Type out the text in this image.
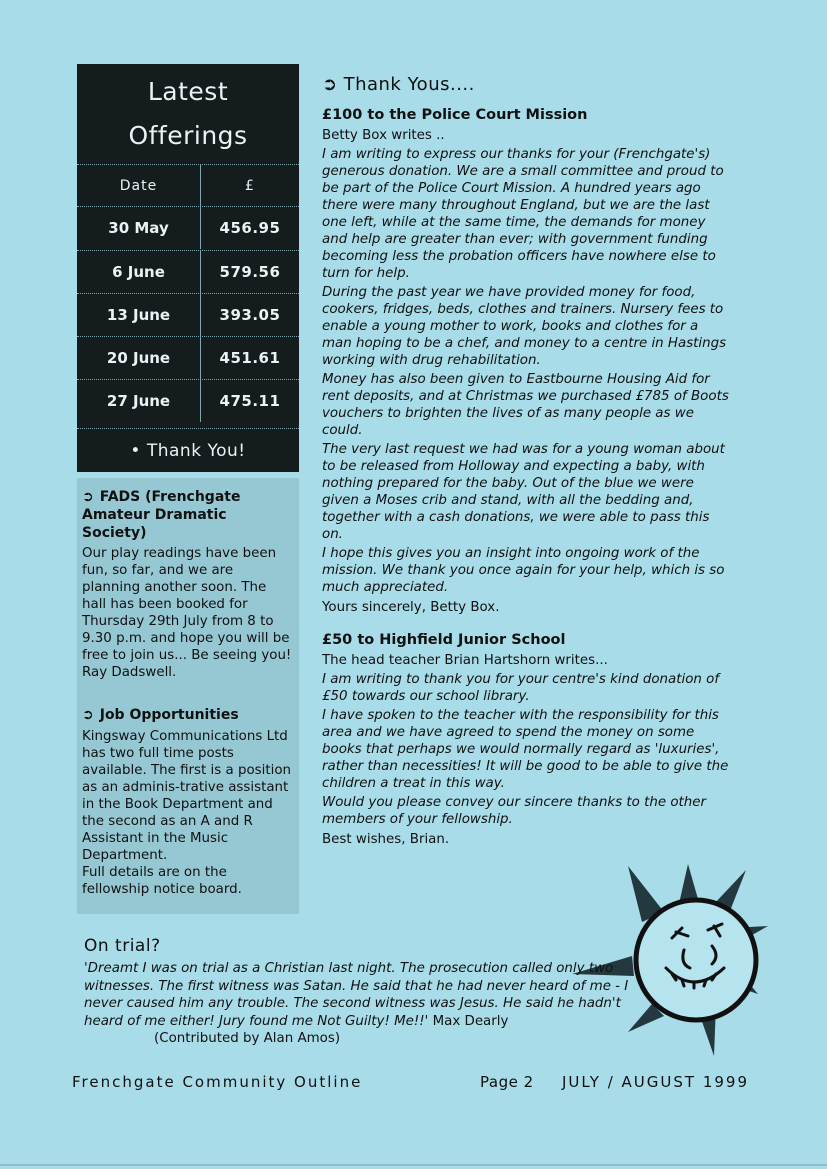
Latest
Offerings
Date	£
30 May	456.95
6 June	579.56
13 June	393.05
20 June	451.61
27 June	475.11
• Thank You!
➲ FADS (Frenchgate Amateur Dramatic Society)
Our play readings have been fun, so far, and we are planning another soon. The hall has been booked for Thursday 29th July from 8 to 9.30 p.m. and hope you will be free to join us... Be seeing you! Ray Dadswell.
➲ Job Opportunities
Kingsway Communications Ltd has two full time posts available. The first is a position as an adminis-trative assistant in the Book Department and the second as an A and R Assistant in the Music Department.
Full details are on the fellowship notice board.
➲ Thank Yous....
£100 to the Police Court Mission
Betty Box writes ..
I am writing to express our thanks for your (Frenchgate's) generous donation. We are a small committee and proud to be part of the Police Court Mission. A hundred years ago there were many throughout England, but we are the last one left, while at the same time, the demands for money and help are greater than ever; with government funding becoming less the probation officers have nowhere else to turn for help.
During the past year we have provided money for food, cookers, fridges, beds, clothes and trainers. Nursery fees to enable a young mother to work, books and clothes for a man hoping to be a chef, and money to a centre in Hastings working with drug rehabilitation.
Money has also been given to Eastbourne Housing Aid for rent deposits, and at Christmas we purchased £785 of Boots vouchers to brighten the lives of as many people as we could.
The very last request we had was for a young woman about to be released from Holloway and expecting a baby, with nothing prepared for the baby. Out of the blue we were given a Moses crib and stand, with all the bedding and, together with a cash donations, we were able to pass this on.
I hope this gives you an insight into ongoing work of the mission. We thank you once again for your help, which is so much appreciated.
Yours sincerely, Betty Box.
£50 to Highfield Junior School
The head teacher Brian Hartshorn writes...
I am writing to thank you for your centre's kind donation of £50 towards our school library.
I have spoken to the teacher with the responsibility for this area and we have agreed to spend the money on some books that perhaps we would normally regard as 'luxuries', rather than necessities! It will be good to be able to give the children a treat in this way.
Would you please convey our sincere thanks to the other members of your fellowship.
Best wishes, Brian.
On trial?
'Dreamt I was on trial as a Christian last night. The prosecution called only two witnesses. The first witness was Satan. He said that he had never heard of me - I never caused him any trouble. The second witness was Jesus. He said he hadn't heard of me either! Jury found me Not Guilty! Me!!' Max Dearly (Contributed by Alan Amos)
Frenchgate Community Outline	Page 2 JULY / AUGUST 1999
